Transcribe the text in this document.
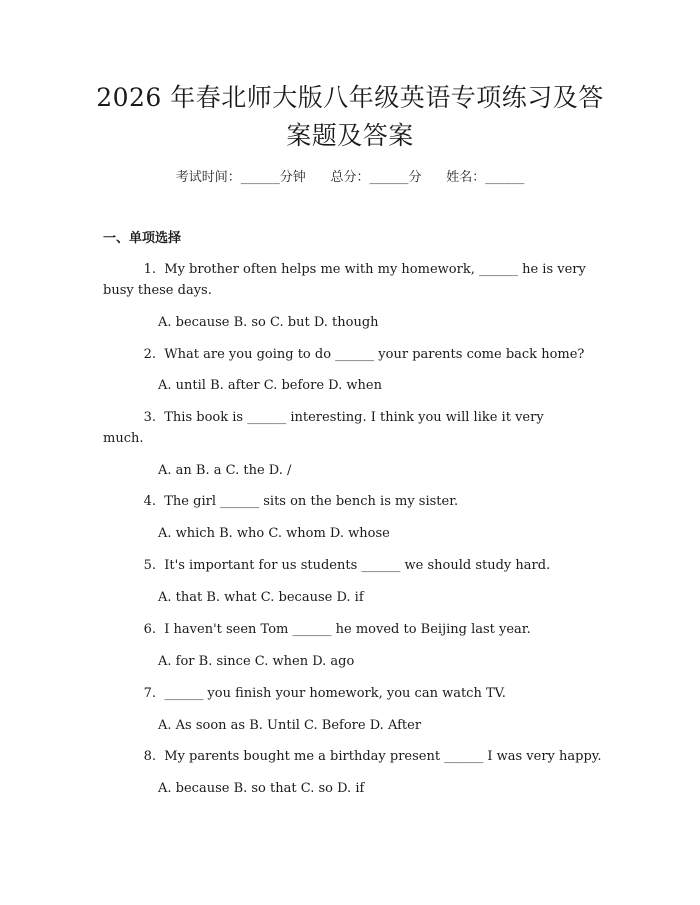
2026 年春北师大版八年级英语专项练习及答
案题及答案
考试时间：______分钟      总分：______分      姓名：______
一、单项选择
1. My brother often helps me with my homework, ______ he is very
busy these days.
A. because B. so C. but D. though
2. What are you going to do ______ your parents come back home?
A. until B. after C. before D. when
3. This book is ______ interesting. I think you will like it very
much.
A. an B. a C. the D. /
4. The girl ______ sits on the bench is my sister.
A. which B. who C. whom D. whose
5. It's important for us students ______ we should study hard.
A. that B. what C. because D. if
6. I haven't seen Tom ______ he moved to Beijing last year.
A. for B. since C. when D. ago
7. ______ you finish your homework, you can watch TV.
A. As soon as B. Until C. Before D. After
8. My parents bought me a birthday present ______ I was very happy.
A. because B. so that C. so D. if
